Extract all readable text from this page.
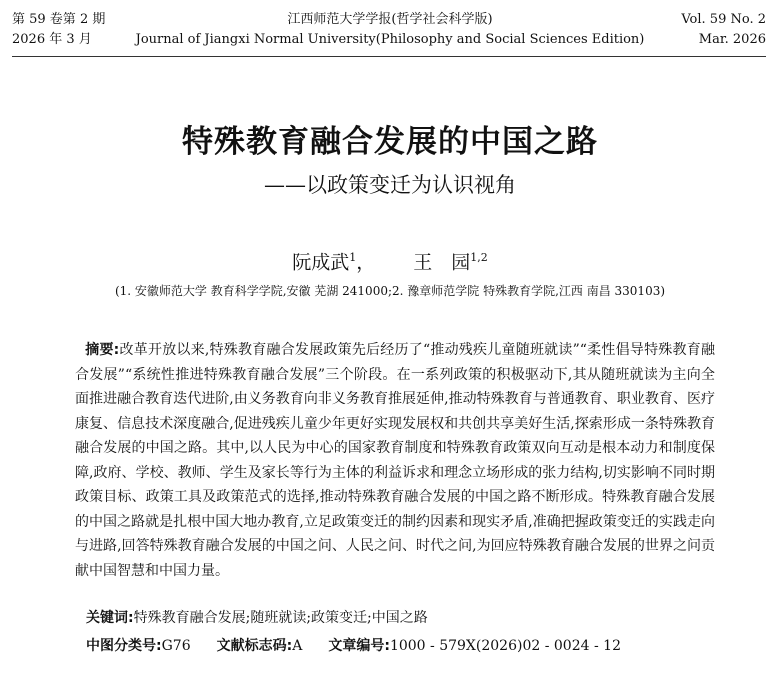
第 59 卷第 2 期
2026 年 3 月
江西师范大学学报(哲学社会科学版)
Journal of Jiangxi Normal University(Philosophy and Social Sciences Edition)
Vol. 59 No. 2
Mar. 2026
特殊教育融合发展的中国之路
——以政策变迁为认识视角
阮成武$^1$， 王　园$^{1,2}$
(1. 安徽师范大学 教育科学学院,安徽 芜湖 241000;2. 豫章师范学院 特殊教育学院,江西 南昌 330103)

摘要:改革开放以来,特殊教育融合发展政策先后经历了“推动残疾儿童随班就读”“柔性倡导特殊教育融合发展”“系统性推进特殊教育融合发展”三个阶段。在一系列政策的积极驱动下,其从随班就读为主向全面推进融合教育迭代进阶,由义务教育向非义务教育推展延伸,推动特殊教育与普通教育、职业教育、医疗康复、信息技术深度融合,促进残疾儿童少年更好实现发展权和共创共享美好生活,探索形成一条特殊教育融合发展的中国之路。其中,以人民为中心的国家教育制度和特殊教育政策双向互动是根本动力和制度保障,政府、学校、教师、学生及家长等行为主体的利益诉求和理念立场形成的张力结构,切实影响不同时期政策目标、政策工具及政策范式的选择,推动特殊教育融合发展的中国之路不断形成。特殊教育融合发展的中国之路就是扎根中国大地办教育,立足政策变迁的制约因素和现实矛盾,准确把握政策变迁的实践走向与进路,回答特殊教育融合发展的中国之问、人民之问、时代之问,为回应特殊教育融合发展的世界之问贡献中国智慧和中国力量。

关键词:特殊教育融合发展;随班就读;政策变迁;中国之路
中图分类号:G76 文献标志码:A 文章编号:1000 - 579X(2026)02 - 0024 - 12
